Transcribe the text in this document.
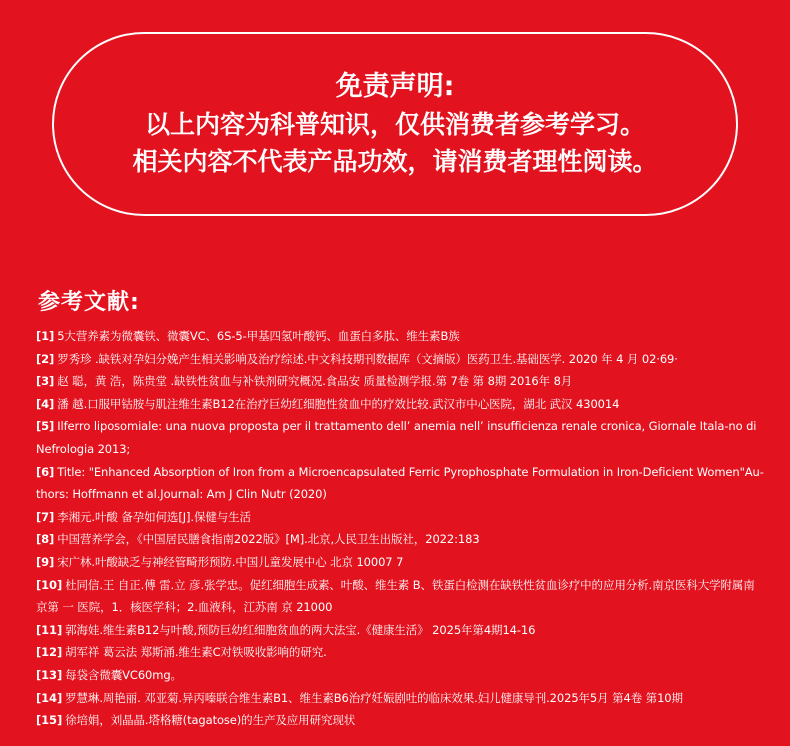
免责声明:
以上内容为科普知识，仅供消费者参考学习。
相关内容不代表产品功效，请消费者理性阅读。
参考文献:
[1] 5大营养素为微囊铁、微囊VC、6S-5-甲基四氢叶酸钙、血蛋白多肽、维生素B族
[2] 罗秀珍 .缺铁对孕妇分娩产生相关影响及治疗综述.中文科技期刊数据库（文摘版）医药卫生.基础医学. 2020 年 4 月 02·69·
[3] 赵 聪，黄 浩，陈贵堂 .缺铁性贫血与补铁剂研究概况.食品安 质量检测学报.第 7卷 第 8期 2016年 8月
[4] 潘 越.口服甲钴胺与肌注维生素B12在治疗巨幼红细胞性贫血中的疗效比较.武汉市中心医院，湖北 武汉 430014
[5] Ilferro liposomiale: una nuova proposta per il trattamento dell’ anemia nell’ insufficienza renale cronica, Giornale Itala-no di Nefrologia 2013;
[6] Title: "Enhanced Absorption of Iron from a Microencapsulated Ferric Pyrophosphate Formulation in Iron-Deficient Women"Au-thors: Hoffmann et al.Journal: Am J Clin Nutr (2020)
[7] 李湘元.叶酸 备孕如何选[J].保健与生活
[8] 中国营养学会，《中国居民膳食指南2022版》[M].北京,人民卫生出版社，2022:183
[9] 宋广林.叶酸缺乏与神经管畸形预防.中国儿童发展中心 北京 10007 7
[10] 杜同信.王 自正.傅 雷.立 彦.张学忠。促红细胞生成素、叶酸、维生素 B、铁蛋白检测在缺铁性贫血诊疗中的应用分析.南京医科大学附属南京第 一 医院，1．核医学科；2.血液科，江苏南 京 21000
[11] 郭海娃.维生素B12与叶酸,预防巨幼红细胞贫血的两大法宝.《健康生活》 2025年第4期14-16
[12] 胡军祥 葛云法 郑斯涌.维生素C对铁吸收影响的研究.
[13] 每袋含微囊VC60mg。
[14] 罗慧琳.周艳丽. 邓亚菊.异丙嗪联合维生素B1、维生素B6治疗妊娠剧吐的临床效果.妇儿健康导刊.2025年5月 第4卷 第10期
[15] 徐培娟，刘晶晶.塔格糖(tagatose)的生产及应用研究现状
